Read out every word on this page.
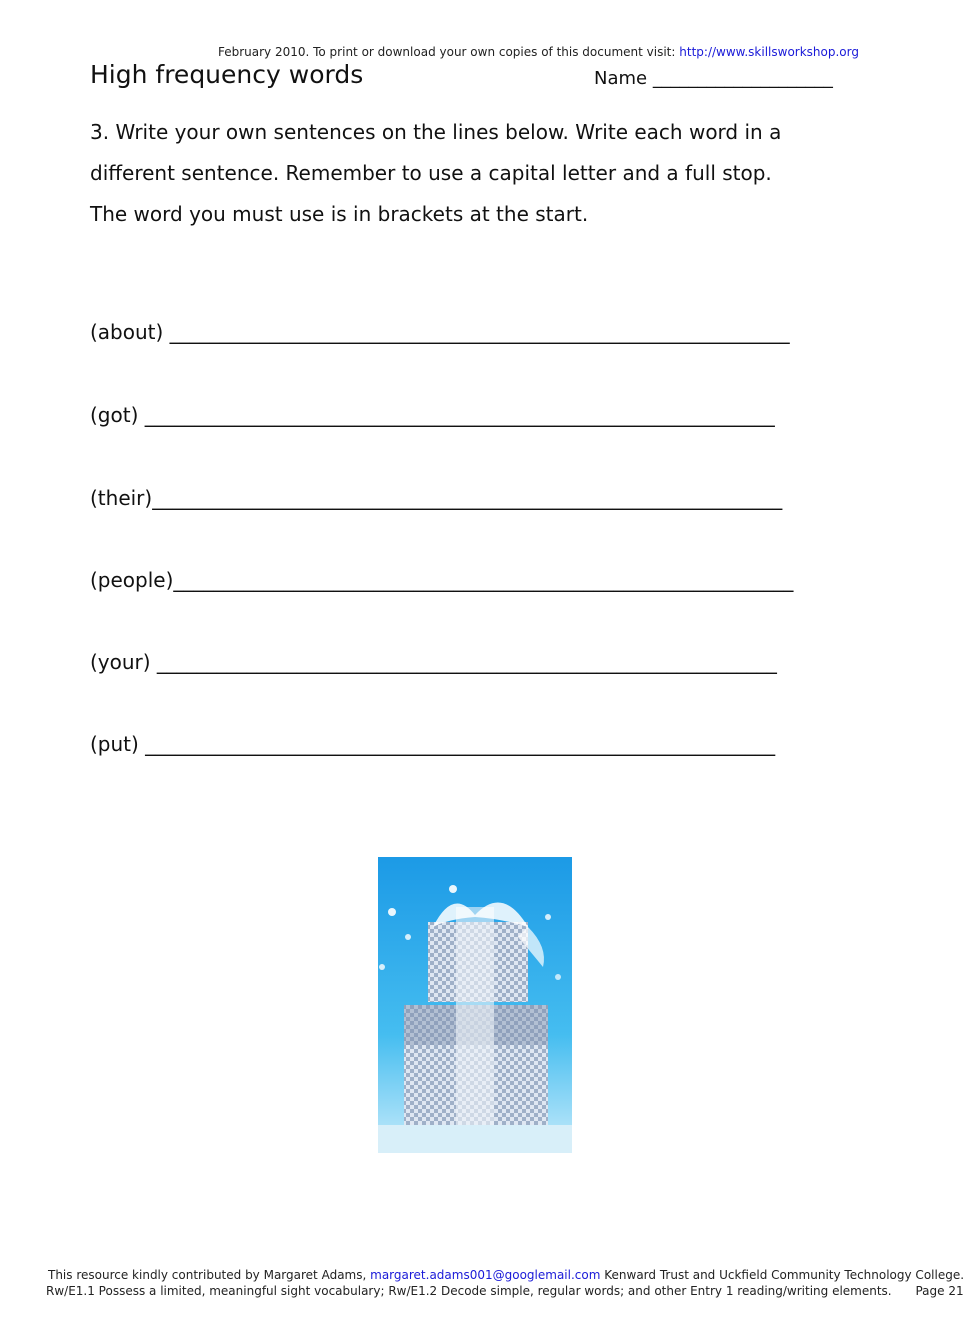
February 2010. To print or download your own copies of this document visit: http://www.skillsworkshop.org
High frequency words	Name ____________________
3. Write your own sentences on the lines below. Write each word in a
different sentence. Remember to use a capital letter and a full stop.
The word you must use is in brackets at the start.
(about) ______________________________________________________________
(got) _______________________________________________________________
(their)_______________________________________________________________
(people)______________________________________________________________
(your) ______________________________________________________________
(put) _______________________________________________________________
This resource kindly contributed by Margaret Adams, margaret.adams001@googlemail.com Kenward Trust and Uckfield Community Technology College.
Rw/E1.1 Possess a limited, meaningful sight vocabulary; Rw/E1.2 Decode simple, regular words; and other Entry 1 reading/writing elements. Page 21
